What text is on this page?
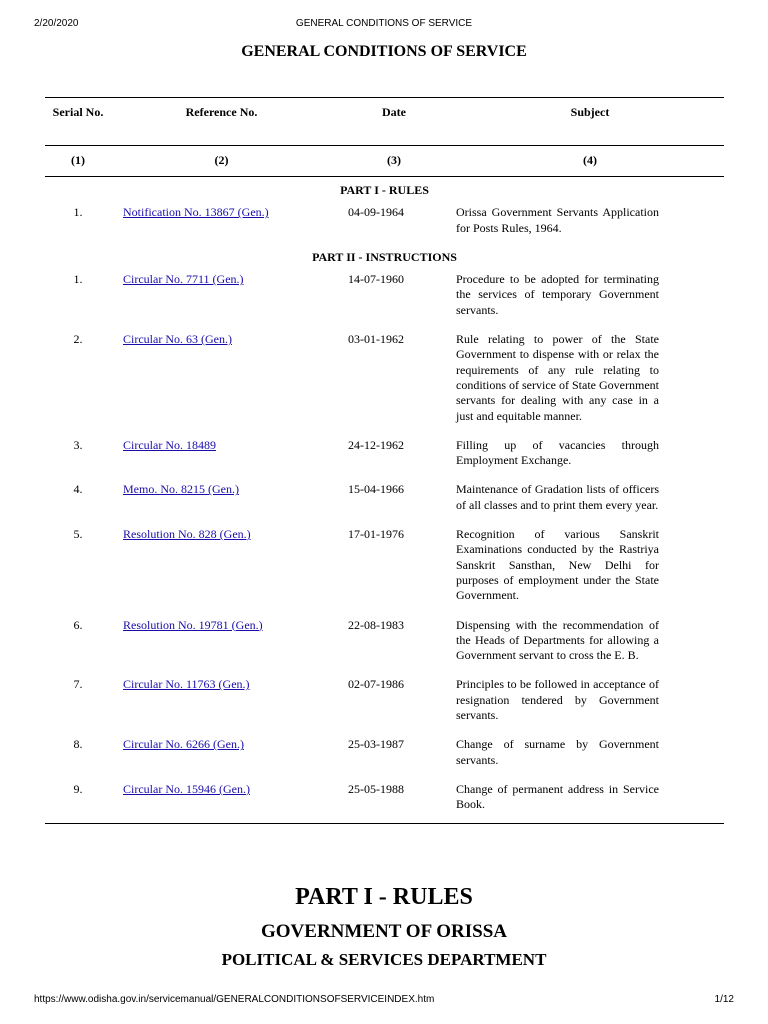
2/20/2020	GENERAL CONDITIONS OF SERVICE
GENERAL CONDITIONS OF SERVICE
Serial No.	Reference No.	Date	Subject
(1)	(2)	(3)	(4)
PART I - RULES			
1.	Notification No. 13867 (Gen.)	04-09-1964	Orissa Government Servants Application for Posts Rules, 1964.
PART II - INSTRUCTIONS			
1.	Circular No. 7711 (Gen.)	14-07-1960	Procedure to be adopted for terminating the services of temporary Government servants.
2.	Circular No. 63 (Gen.)	03-01-1962	Rule relating to power of the State Government to dispense with or relax the requirements of any rule relating to conditions of service of State Government servants for dealing with any case in a just and equitable manner.
3.	Circular No. 18489	24-12-1962	Filling up of vacancies through Employment Exchange.
4.	Memo. No. 8215 (Gen.)	15-04-1966	Maintenance of Gradation lists of officers of all classes and to print them every year.
5.	Resolution No. 828 (Gen.)	17-01-1976	Recognition of various Sanskrit Examinations conducted by the Rastriya Sanskrit Sansthan, New Delhi for purposes of employment under the State Government.
6.	Resolution No. 19781 (Gen.)	22-08-1983	Dispensing with the recommendation of the Heads of Departments for allowing a Government servant to cross the E. B.
7.	Circular No. 11763 (Gen.)	02-07-1986	Principles to be followed in acceptance of resignation tendered by Government servants.
8.	Circular No. 6266 (Gen.)	25-03-1987	Change of surname by Government servants.
9.	Circular No. 15946 (Gen.)	25-05-1988	Change of permanent address in Service Book.
PART I - RULES
GOVERNMENT OF ORISSA
POLITICAL & SERVICES DEPARTMENT
https://www.odisha.gov.in/servicemanual/GENERALCONDITIONSOFSERVICEINDEX.htm	1/12
